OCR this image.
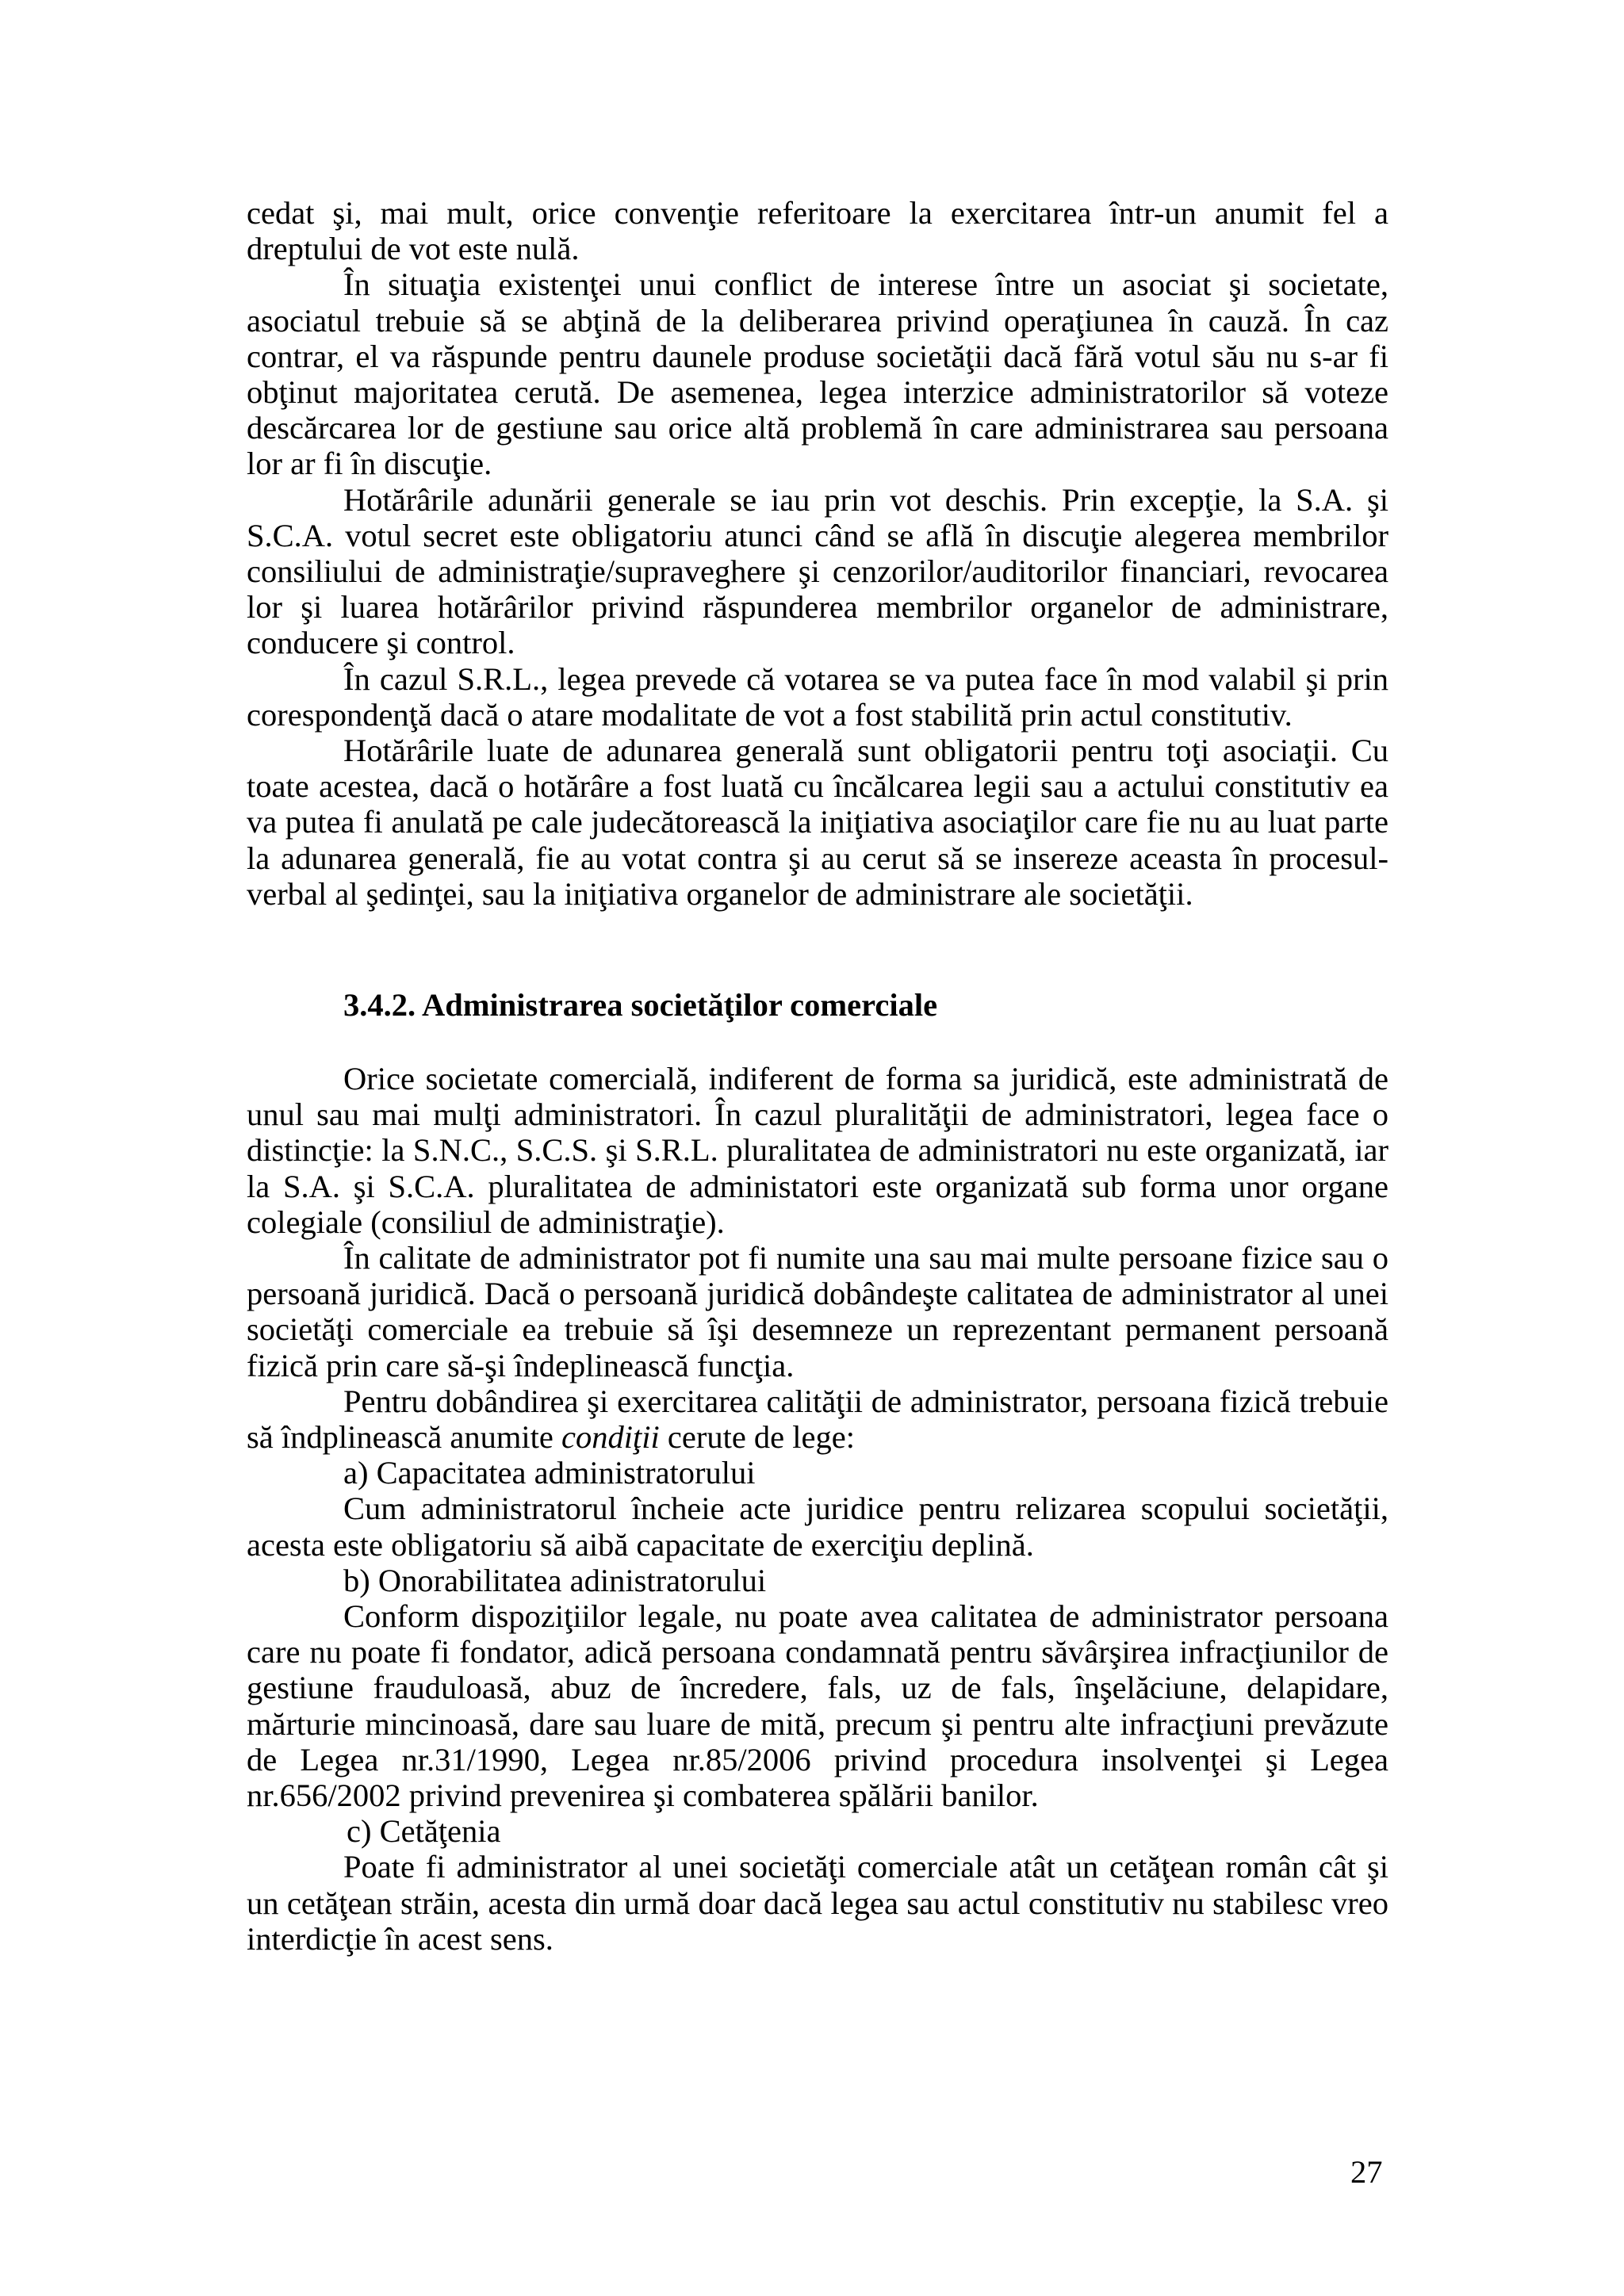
cedat şi, mai mult, orice convenţie referitoare la exercitarea într-un anumit fel a dreptului de vot este nulă.

În situaţia existenţei unui conflict de interese între un asociat şi societate, asociatul trebuie să se abţină de la deliberarea privind operaţiunea în cauză. În caz contrar, el va răspunde pentru daunele produse societăţii dacă fără votul său nu s-ar fi obţinut majoritatea cerută. De asemenea, legea interzice administratorilor să voteze descărcarea lor de gestiune sau orice altă problemă în care administrarea sau persoana lor ar fi în discuţie.

Hotărârile adunării generale se iau prin vot deschis. Prin excepţie, la S.A. şi S.C.A. votul secret este obligatoriu atunci când se află în discuţie alegerea membrilor consiliului de administraţie/supraveghere şi cenzorilor/auditorilor financiari, revocarea lor şi luarea hotărârilor privind răspunderea membrilor organelor de administrare, conducere şi control.

În cazul S.R.L., legea prevede că votarea se va putea face în mod valabil şi prin corespondenţă dacă o atare modalitate de vot a fost stabilită prin actul constitutiv.

Hotărârile luate de adunarea generală sunt obligatorii pentru toţi asociaţii. Cu toate acestea, dacă o hotărâre a fost luată cu încălcarea legii sau a actului constitutiv ea va putea fi anulată pe cale judecătorească la iniţiativa asociaţilor care fie nu au luat parte la adunarea generală, fie au votat contra şi au cerut să se insereze aceasta în procesul-verbal al şedinţei, sau la iniţiativa organelor de administrare ale societăţii.

3.4.2. Administrarea societăţilor comerciale

Orice societate comercială, indiferent de forma sa juridică, este administrată de unul sau mai mulţi administratori. În cazul pluralităţii de administratori, legea face o distincţie: la S.N.C., S.C.S. şi S.R.L. pluralitatea de administratori nu este organizată, iar la S.A. şi S.C.A. pluralitatea de administatori este organizată sub forma unor organe colegiale (consiliul de administraţie).

În calitate de administrator pot fi numite una sau mai multe persoane fizice sau o persoană juridică. Dacă o persoană juridică dobândeşte calitatea de administrator al unei societăţi comerciale ea trebuie să îşi desemneze un reprezentant permanent persoană fizică prin care să-şi îndeplinească funcţia.

Pentru dobândirea şi exercitarea calităţii de administrator, persoana fizică trebuie să îndplinească anumite condiţii cerute de lege:

a) Capacitatea administratorului

Cum administratorul încheie acte juridice pentru relizarea scopului societăţii, acesta este obligatoriu să aibă capacitate de exerciţiu deplină.

b) Onorabilitatea adinistratorului

Conform dispoziţiilor legale, nu poate avea calitatea de administrator persoana care nu poate fi fondator, adică persoana condamnată pentru săvârşirea infracţiunilor de gestiune frauduloasă, abuz de încredere, fals, uz de fals, înşelăciune, delapidare, mărturie mincinoasă, dare sau luare de mită, precum şi pentru alte infracţiuni prevăzute de Legea nr.31/1990, Legea nr.85/2006 privind procedura insolvenţei şi Legea nr.656/2002 privind prevenirea şi combaterea spălării banilor.

c) Cetăţenia

Poate fi administrator al unei societăţi comerciale atât un cetăţean român cât şi un cetăţean străin, acesta din urmă doar dacă legea sau actul constitutiv nu stabilesc vreo interdicţie în acest sens.

27
